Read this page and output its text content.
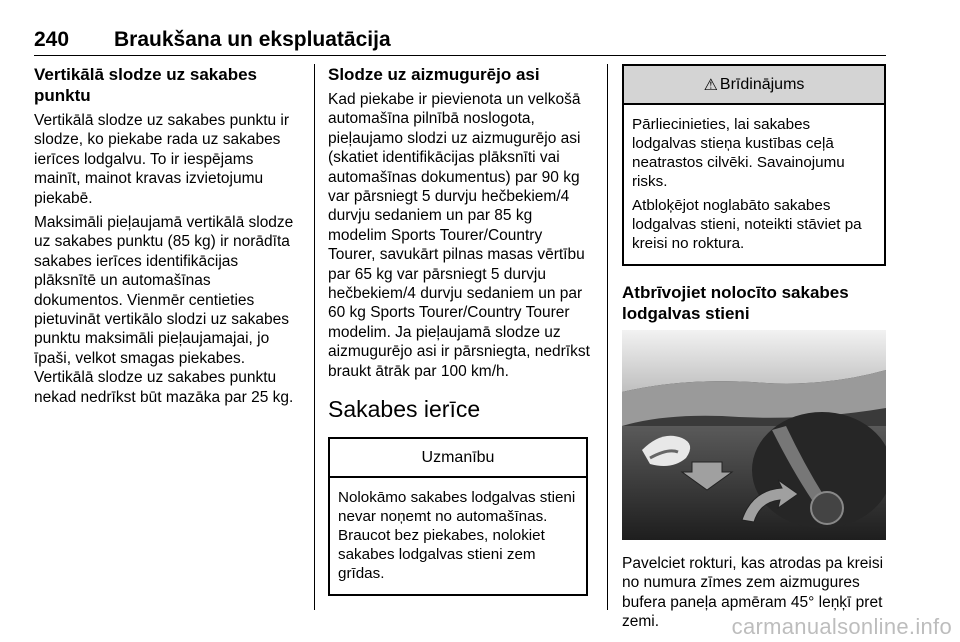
240 Braukšana un ekspluatācija
Vertikālā slodze uz sakabes punktu

Vertikālā slodze uz sakabes punktu ir slodze, ko piekabe rada uz sakabes ierīces lodgalvu. To ir iespējams mainīt, mainot kravas izvietojumu piekabē.

Maksimāli pieļaujamā vertikālā slodze uz sakabes punktu (85 kg) ir norādīta sakabes ierīces identifikācijas plāksnītē un automašīnas dokumentos. Vienmēr centieties pietuvināt vertikālo slodzi uz sakabes punktu maksimāli pieļaujamajai, jo īpaši, velkot smagas piekabes. Vertikālā slodze uz sakabes punktu nekad nedrīkst būt mazāka par 25 kg.

Slodze uz aizmugurējo asi

Kad piekabe ir pievienota un velkošā automašīna pilnībā noslogota, pieļaujamo slodzi uz aizmugurējo asi (skatiet identifikācijas plāksnīti vai automašīnas dokumentus) par 90 kg var pārsniegt 5 durvju hečbekiem/4 durvju sedaniem un par 85 kg modelim Sports Tourer/Country Tourer, savukārt pilnas masas vērtību par 65 kg var pārsniegt 5 durvju hečbekiem/4 durvju sedaniem un par 60 kg Sports Tourer/Country Tourer modelim. Ja pieļaujamā slodze uz aizmugurējo asi ir pārsniegta, nedrīkst braukt ātrāk par 100 km/h.

Sakabes ierīce
Uzmanību

Nolokāmo sakabes lodgalvas stieni nevar noņemt no automašīnas. Braucot bez piekabes, nolokiet sakabes lodgalvas stieni zem grīdas.

⚠ Brīdinājums

Pārliecinieties, lai sakabes lodgalvas stieņa kustības ceļā neatrastos cilvēki. Savainojumu risks.

Atbloķējot noglabāto sakabes lodgalvas stieni, noteikti stāviet pa kreisi no roktura.

Atbrīvojiet nolocīto sakabes lodgalvas stieni

Pavelciet rokturi, kas atrodas pa kreisi no numura zīmes zem aizmugures bufera paneļa apmēram 45° leņķī pret zemi.	carmanualsonline.info
